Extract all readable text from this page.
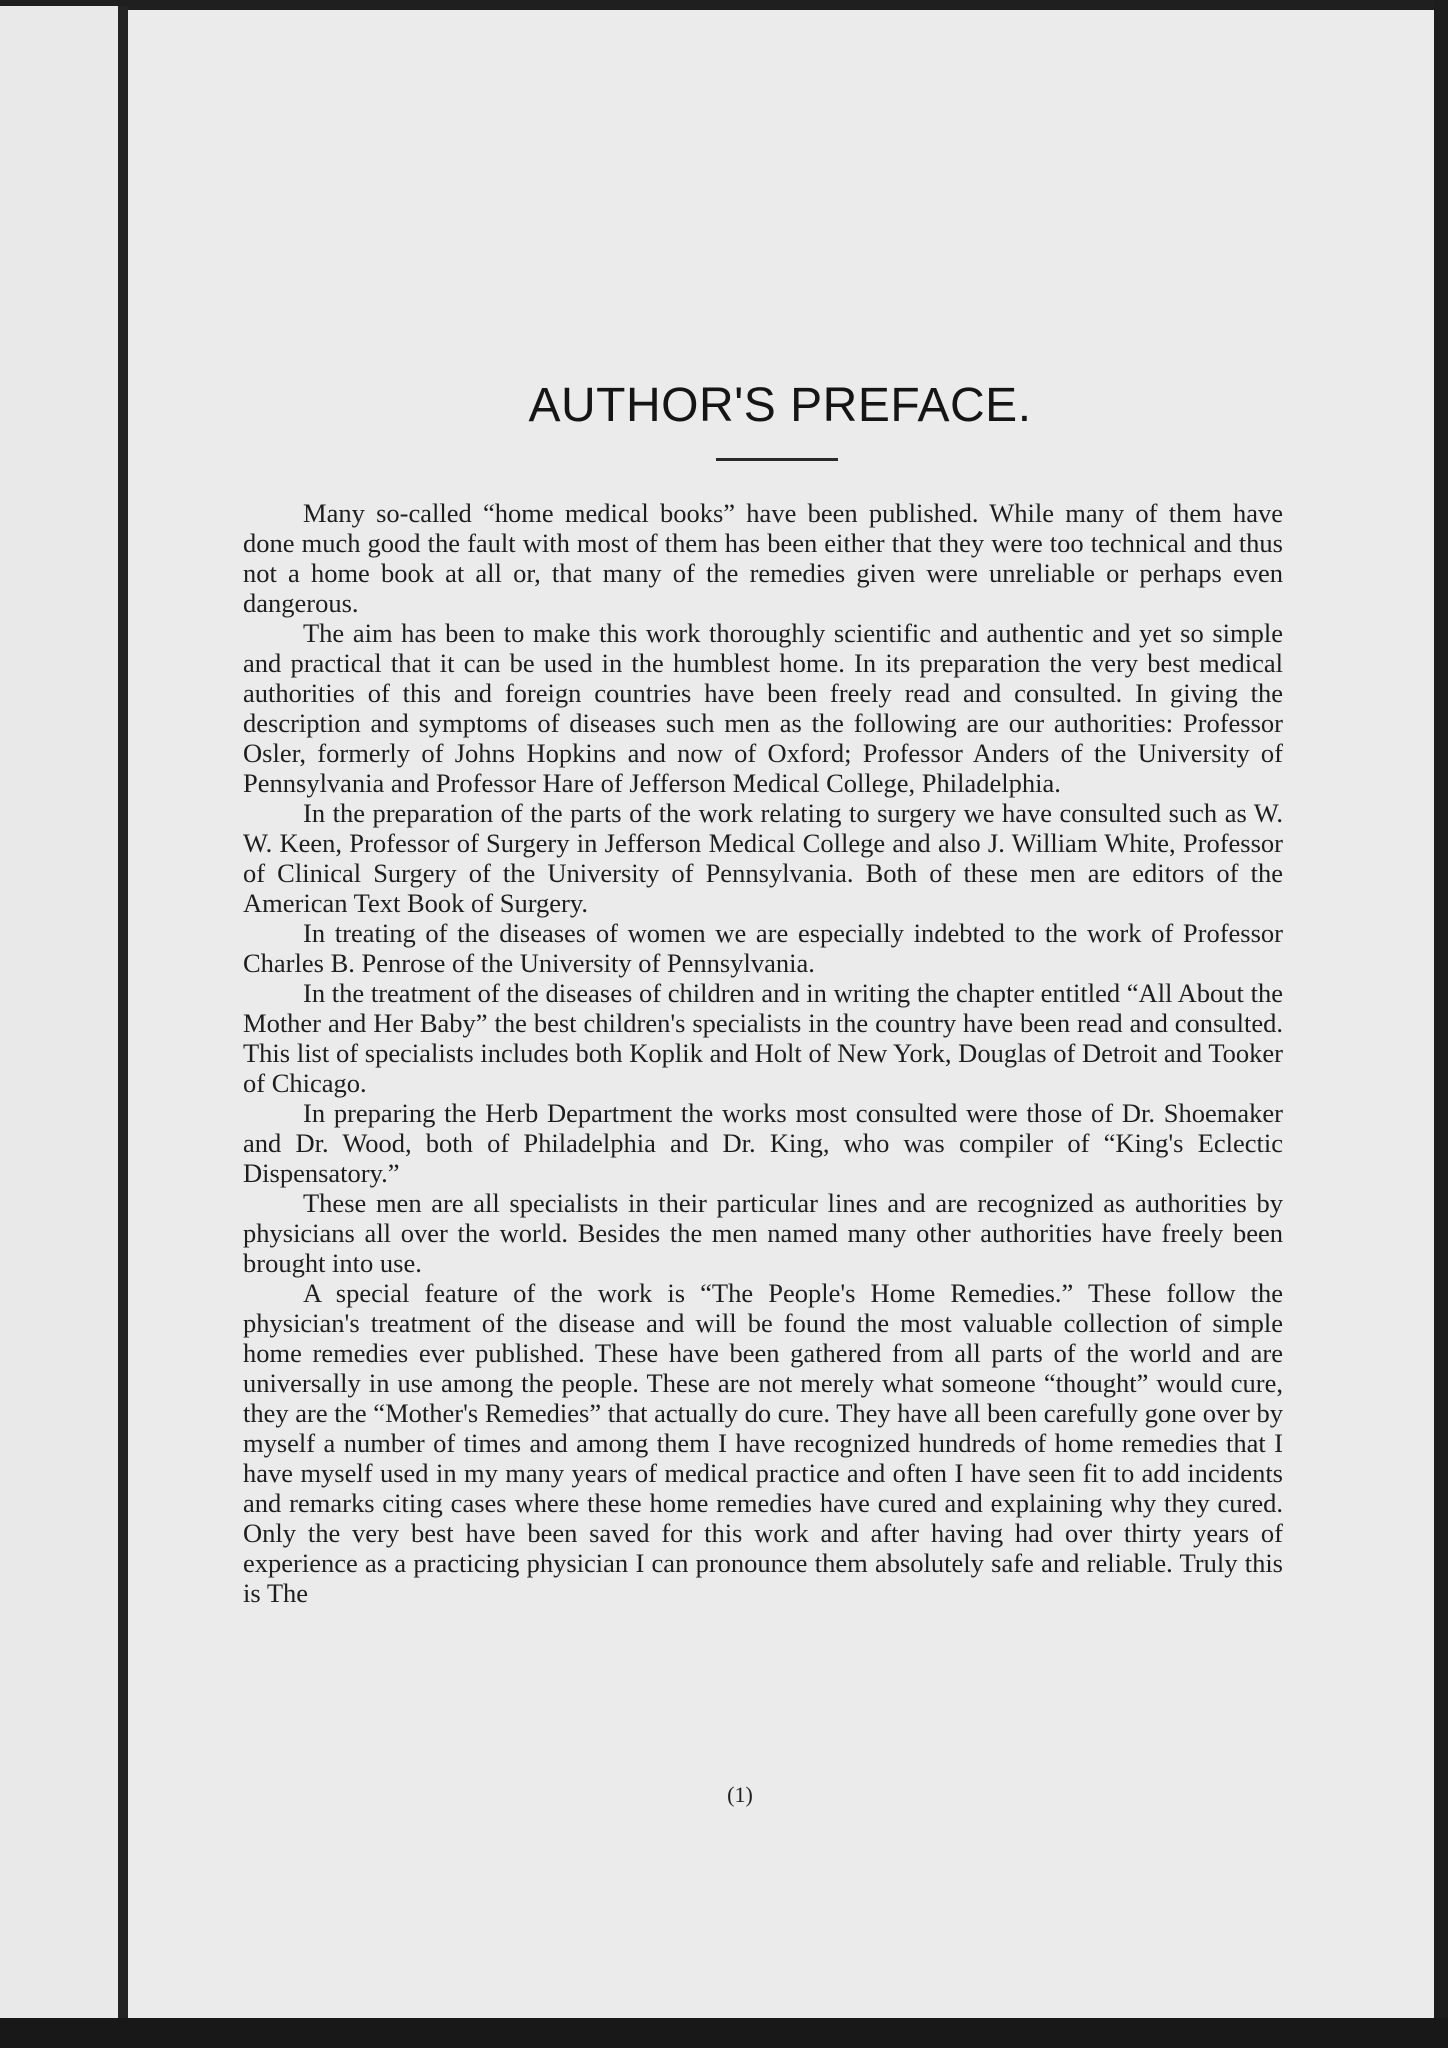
AUTHOR'S PREFACE.

Many so-called “home medical books” have been published. While many of them have done much good the fault with most of them has been either that they were too technical and thus not a home book at all or, that many of the remedies given were unreliable or perhaps even dangerous.

The aim has been to make this work thoroughly scientific and authentic and yet so simple and practical that it can be used in the humblest home. In its preparation the very best medical authorities of this and foreign countries have been freely read and consulted. In giving the description and symptoms of diseases such men as the following are our authorities: Professor Osler, formerly of Johns Hopkins and now of Oxford; Professor Anders of the University of Pennsylvania and Professor Hare of Jefferson Medical College, Philadelphia.

In the preparation of the parts of the work relating to surgery we have consulted such as W. W. Keen, Professor of Surgery in Jefferson Medical College and also J. William White, Professor of Clinical Surgery of the University of Pennsylvania. Both of these men are editors of the American Text Book of Surgery.

In treating of the diseases of women we are especially indebted to the work of Professor Charles B. Penrose of the University of Pennsylvania.

In the treatment of the diseases of children and in writing the chapter entitled “All About the Mother and Her Baby” the best children's specialists in the country have been read and consulted. This list of specialists includes both Koplik and Holt of New York, Douglas of Detroit and Tooker of Chicago.

In preparing the Herb Department the works most consulted were those of Dr. Shoemaker and Dr. Wood, both of Philadelphia and Dr. King, who was compiler of “King's Eclectic Dispensatory.”

These men are all specialists in their particular lines and are recognized as authorities by physicians all over the world. Besides the men named many other authorities have freely been brought into use.

A special feature of the work is “The People's Home Remedies.” These follow the physician's treatment of the disease and will be found the most valuable collection of simple home remedies ever published. These have been gathered from all parts of the world and are universally in use among the people. These are not merely what someone “thought” would cure, they are the “Mother's Remedies” that actually do cure. They have all been carefully gone over by myself a number of times and among them I have recognized hundreds of home remedies that I have myself used in my many years of medical practice and often I have seen fit to add incidents and remarks citing cases where these home remedies have cured and explaining why they cured. Only the very best have been saved for this work and after having had over thirty years of experience as a practicing physician I can pronounce them absolutely safe and reliable. Truly this is The

(1)
